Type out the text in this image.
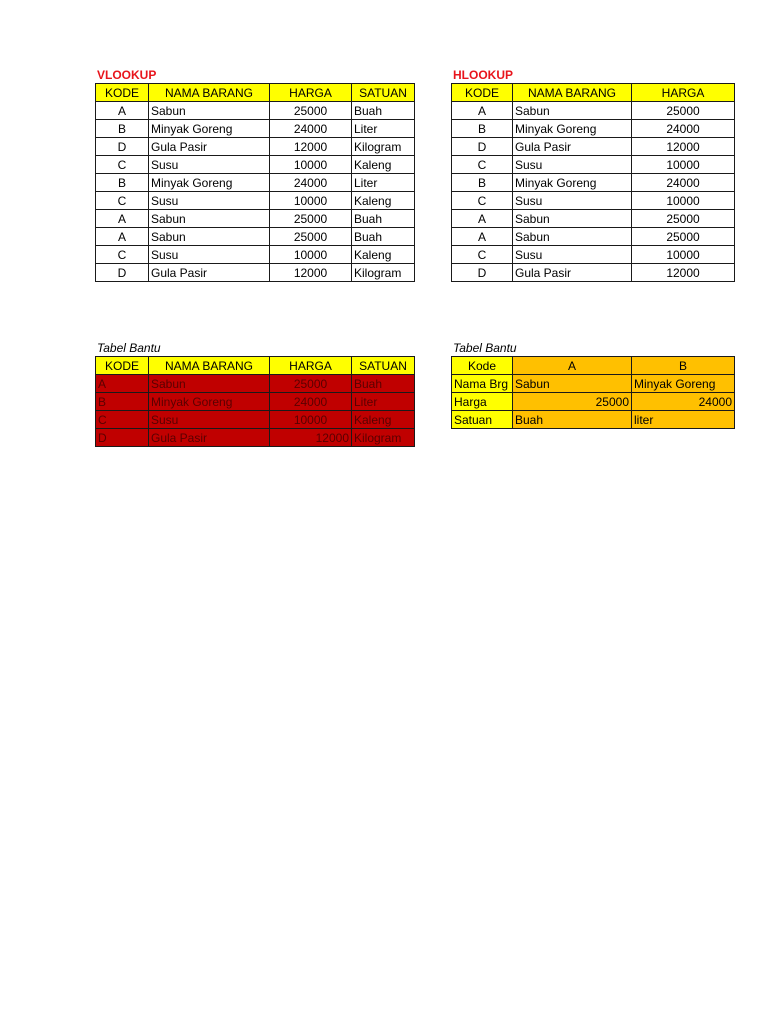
VLOOKUP
KODE	NAMA BARANG	HARGA	SATUAN
A	Sabun	25000	Buah
B	Minyak Goreng	24000	Liter
D	Gula Pasir	12000	Kilogram
C	Susu	10000	Kaleng
B	Minyak Goreng	24000	Liter
C	Susu	10000	Kaleng
A	Sabun	25000	Buah
A	Sabun	25000	Buah
C	Susu	10000	Kaleng
D	Gula Pasir	12000	Kilogram
HLOOKUP
KODE	NAMA BARANG	HARGA
A	Sabun	25000
B	Minyak Goreng	24000
D	Gula Pasir	12000
C	Susu	10000
B	Minyak Goreng	24000
C	Susu	10000
A	Sabun	25000
A	Sabun	25000
C	Susu	10000
D	Gula Pasir	12000
Tabel Bantu
KODE	NAMA BARANG	HARGA	SATUAN
A	Sabun	25000	Buah
B	Minyak Goreng	24000	Liter
C	Susu	10000	Kaleng
D	Gula Pasir	12000	Kilogram
Tabel Bantu
Kode	A	B
Nama Brg	Sabun	Minyak Goreng
Harga	25000	24000
Satuan	Buah	liter
